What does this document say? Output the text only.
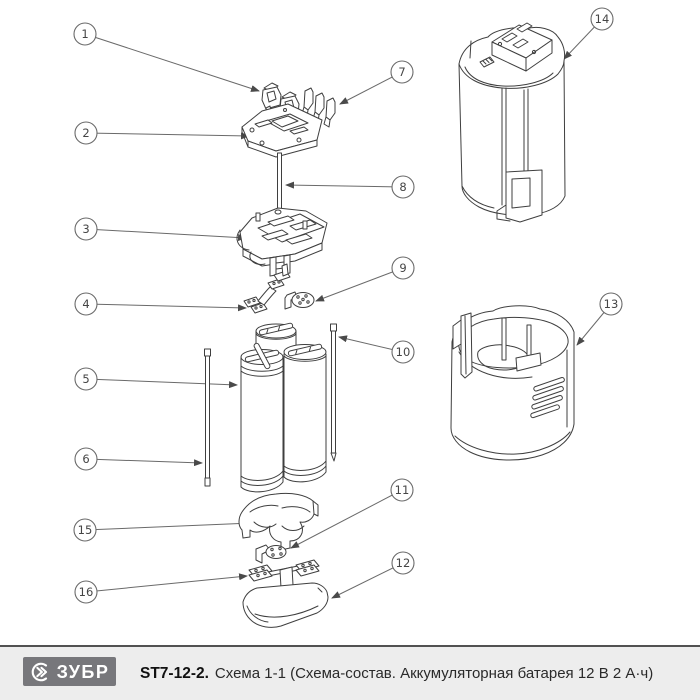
1
2
3
4
5
6
7
8
9
10
11
12
13
14
15
16
ЗУБР ST7-12-2. Схема 1-1 (Схема-состав. Аккумуляторная батарея 12 В 2 А·ч)
